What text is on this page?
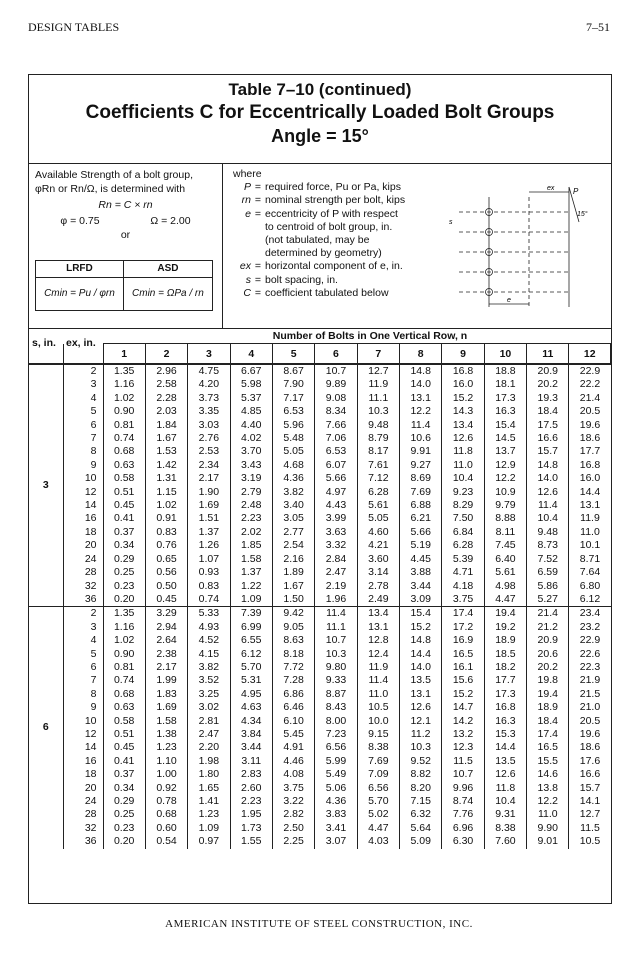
DESIGN TABLES	7–51
Table 7–10 (continued)
Coefficients C for Eccentrically Loaded Bolt Groups
Angle = 15°
Available Strength of a bolt group,
φRn or Rn/Ω, is determined with
Rn = C × rn
φ = 0.75	Ω = 2.00
or
LRFD	ASD
Cmin = Pu / φrn	Cmin = ΩPa / rn
where
P = required force, Pu or Pa, kips
rn = nominal strength per bolt, kips
e = eccentricity of P with respect
to centroid of bolt group, in.
(not tabulated, may be
determined by geometry)
ex = horizontal component of e, in.
s = bolt spacing, in.
C = coefficient tabulated below
ex P
15°
e
s
Number of Bolts in One Vertical Row, n
s, in. ex, in.
		1	2	3	4	5	6	7	8	9	10	11	12
3	2	1.35	2.96	4.75	6.67	8.67	10.7	12.7	14.8	16.8	18.8	20.9	22.9
	3	1.16	2.58	4.20	5.98	7.90	9.89	11.9	14.0	16.0	18.1	20.2	22.2
	4	1.02	2.28	3.73	5.37	7.17	9.08	11.1	13.1	15.2	17.3	19.3	21.4
	5	0.90	2.03	3.35	4.85	6.53	8.34	10.3	12.2	14.3	16.3	18.4	20.5
	6	0.81	1.84	3.03	4.40	5.96	7.66	9.48	11.4	13.4	15.4	17.5	19.6
	7	0.74	1.67	2.76	4.02	5.48	7.06	8.79	10.6	12.6	14.5	16.6	18.6
	8	0.68	1.53	2.53	3.70	5.05	6.53	8.17	9.91	11.8	13.7	15.7	17.7
	9	0.63	1.42	2.34	3.43	4.68	6.07	7.61	9.27	11.0	12.9	14.8	16.8
	10	0.58	1.31	2.17	3.19	4.36	5.66	7.12	8.69	10.4	12.2	14.0	16.0
	12	0.51	1.15	1.90	2.79	3.82	4.97	6.28	7.69	9.23	10.9	12.6	14.4
	14	0.45	1.02	1.69	2.48	3.40	4.43	5.61	6.88	8.29	9.79	11.4	13.1
	16	0.41	0.91	1.51	2.23	3.05	3.99	5.05	6.21	7.50	8.88	10.4	11.9
	18	0.37	0.83	1.37	2.02	2.77	3.63	4.60	5.66	6.84	8.11	9.48	11.0
	20	0.34	0.76	1.26	1.85	2.54	3.32	4.21	5.19	6.28	7.45	8.73	10.1
	24	0.29	0.65	1.07	1.58	2.16	2.84	3.60	4.45	5.39	6.40	7.52	8.71
	28	0.25	0.56	0.93	1.37	1.89	2.47	3.14	3.88	4.71	5.61	6.59	7.64
	32	0.23	0.50	0.83	1.22	1.67	2.19	2.78	3.44	4.18	4.98	5.86	6.80
	36	0.20	0.45	0.74	1.09	1.50	1.96	2.49	3.09	3.75	4.47	5.27	6.12
6	2	1.35	3.29	5.33	7.39	9.42	11.4	13.4	15.4	17.4	19.4	21.4	23.4
	3	1.16	2.94	4.93	6.99	9.05	11.1	13.1	15.2	17.2	19.2	21.2	23.2
	4	1.02	2.64	4.52	6.55	8.63	10.7	12.8	14.8	16.9	18.9	20.9	22.9
	5	0.90	2.38	4.15	6.12	8.18	10.3	12.4	14.4	16.5	18.5	20.6	22.6
	6	0.81	2.17	3.82	5.70	7.72	9.80	11.9	14.0	16.1	18.2	20.2	22.3
	7	0.74	1.99	3.52	5.31	7.28	9.33	11.4	13.5	15.6	17.7	19.8	21.9
	8	0.68	1.83	3.25	4.95	6.86	8.87	11.0	13.1	15.2	17.3	19.4	21.5
	9	0.63	1.69	3.02	4.63	6.46	8.43	10.5	12.6	14.7	16.8	18.9	21.0
	10	0.58	1.58	2.81	4.34	6.10	8.00	10.0	12.1	14.2	16.3	18.4	20.5
	12	0.51	1.38	2.47	3.84	5.45	7.23	9.15	11.2	13.2	15.3	17.4	19.6
	14	0.45	1.23	2.20	3.44	4.91	6.56	8.38	10.3	12.3	14.4	16.5	18.6
	16	0.41	1.10	1.98	3.11	4.46	5.99	7.69	9.52	11.5	13.5	15.5	17.6
	18	0.37	1.00	1.80	2.83	4.08	5.49	7.09	8.82	10.7	12.6	14.6	16.6
	20	0.34	0.92	1.65	2.60	3.75	5.06	6.56	8.20	9.96	11.8	13.8	15.7
	24	0.29	0.78	1.41	2.23	3.22	4.36	5.70	7.15	8.74	10.4	12.2	14.1
	28	0.25	0.68	1.23	1.95	2.82	3.83	5.02	6.32	7.76	9.31	11.0	12.7
	32	0.23	0.60	1.09	1.73	2.50	3.41	4.47	5.64	6.96	8.38	9.90	11.5
	36	0.20	0.54	0.97	1.55	2.25	3.07	4.03	5.09	6.30	7.60	9.01	10.5
AMERICAN INSTITUTE OF STEEL CONSTRUCTION, INC.
